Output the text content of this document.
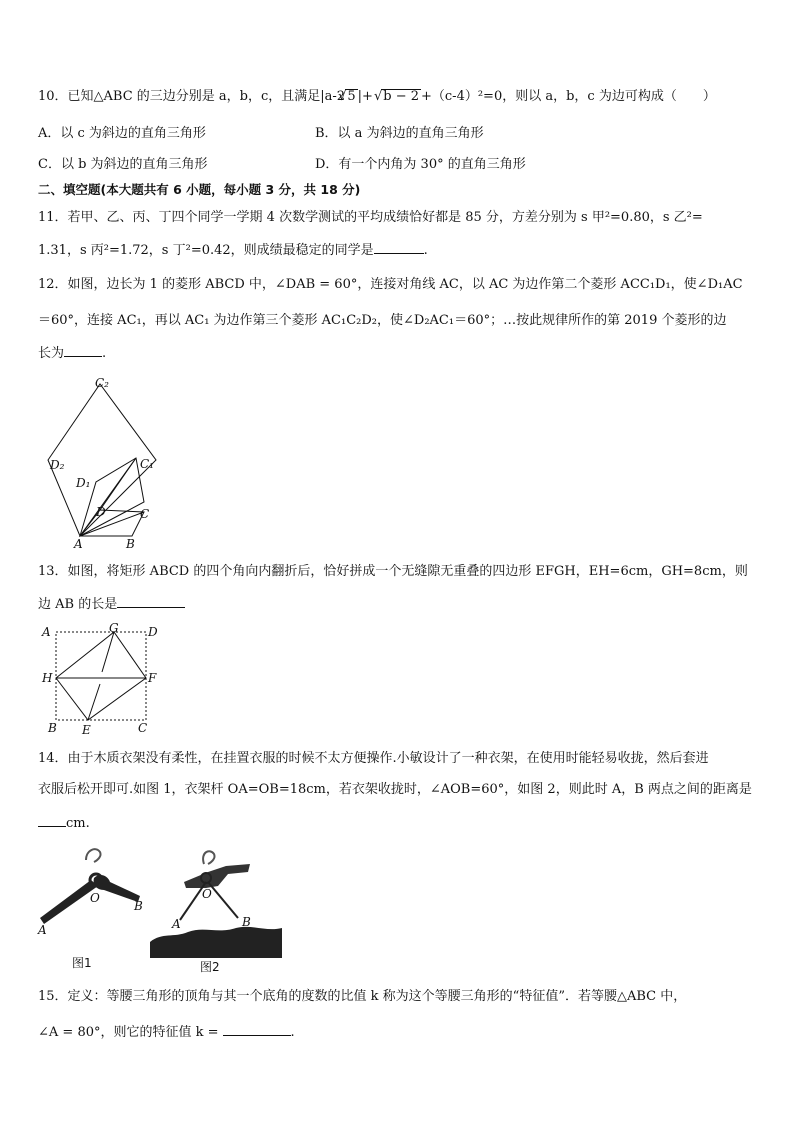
10．已知△ABC 的三边分别是 a，b，c，且满足|a-2 √ 5 |+ √ b − 2 +（c-4）²=0，则以 a，b，c 为边可构成（　　）
A．以 c 为斜边的直角三角形	B．以 a 为斜边的直角三角形
C．以 b 为斜边的直角三角形	D．有一个内角为 30° 的直角三角形
二、填空题(本大题共有 6 小题，每小题 3 分，共 18 分)
11．若甲、乙、丙、丁四个同学一学期 4 次数学测试的平均成绩恰好都是 85 分，方差分别为 s 甲²=0.80，s 乙²=
1.31，s 丙²=1.72，s 丁²=0.42，则成绩最稳定的同学是	.
12．如图，边长为 1 的菱形 ABCD 中，∠DAB = 60°，连接对角线 AC，以 AC 为边作第二个菱形 ACC₁D₁，使∠D₁AC
＝60°，连接 AC₁，再以 AC₁ 为边作第三个菱形 AC₁C₂D₂，使∠D₂AC₁＝60°；…按此规律所作的第 2019 个菱形的边
长为	.
C₂
D₂	C₁
D₁
D	C
A	B
13．如图，将矩形 ABCD 的四个角向内翻折后，恰好拼成一个无缝隙无重叠的四边形 EFGH，EH=6cm，GH=8cm，则
边 AB 的长是
A	G D
H	F
B E	C
14．由于木质衣架没有柔性，在挂置衣服的时候不太方便操作.小敏设计了一种衣架，在使用时能轻易收拢，然后套进
衣服后松开即可.如图 1，衣架杆 OA=OB=18cm，若衣架收拢时，∠AOB=60°，如图 2，则此时 A，B 两点之间的距离是
cm.
O
A
B
图1
O
A	B
图2
15．定义：等腰三角形的顶角与其一个底角的度数的比值 k 称为这个等腰三角形的“特征值”．若等腰△ABC 中，
∠A = 80°，则它的特征值 k =	.
